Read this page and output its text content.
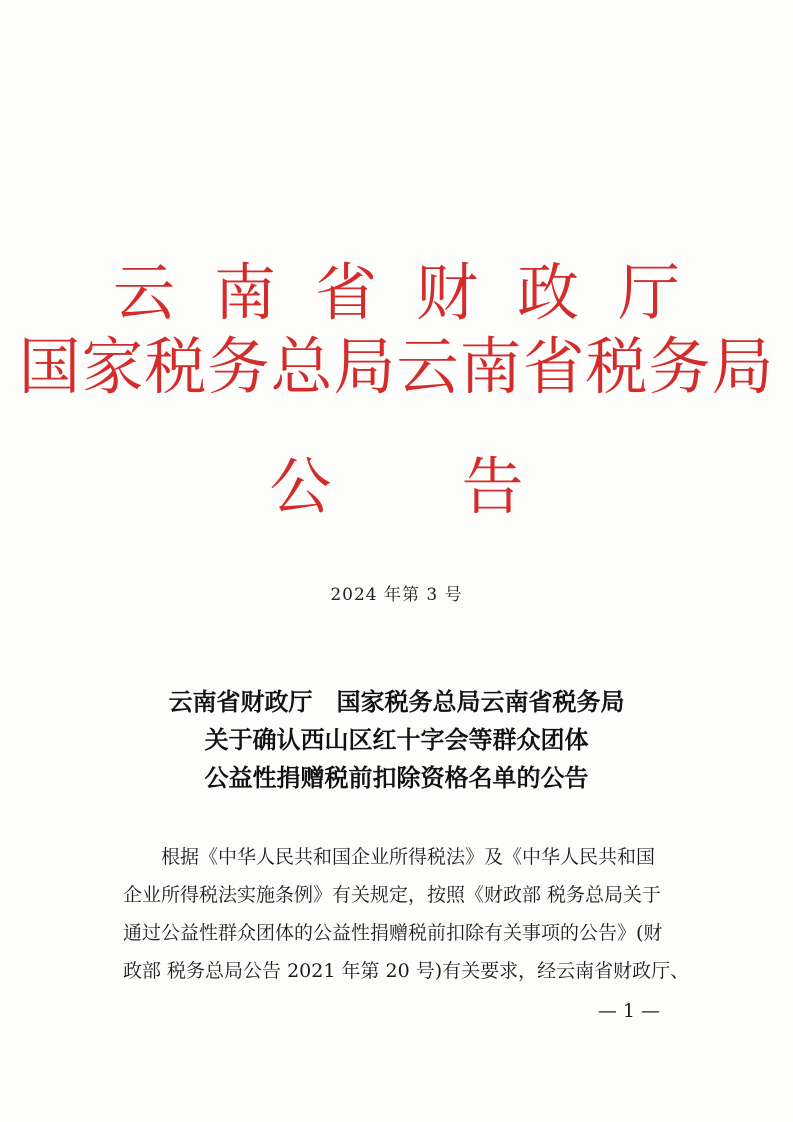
云南省财政厅
国家税务总局云南省税务局
公告
2024 年第 3 号
云南省财政厅　国家税务总局云南省税务局
关于确认西山区红十字会等群众团体
公益性捐赠税前扣除资格名单的公告
　　根据《中华人民共和国企业所得税法》及《中华人民共和国
企业所得税法实施条例》有关规定，按照《财政部 税务总局关于
通过公益性群众团体的公益性捐赠税前扣除有关事项的公告》(财
政部 税务总局公告 2021 年第 20 号)有关要求，经云南省财政厅、
— 1 —
